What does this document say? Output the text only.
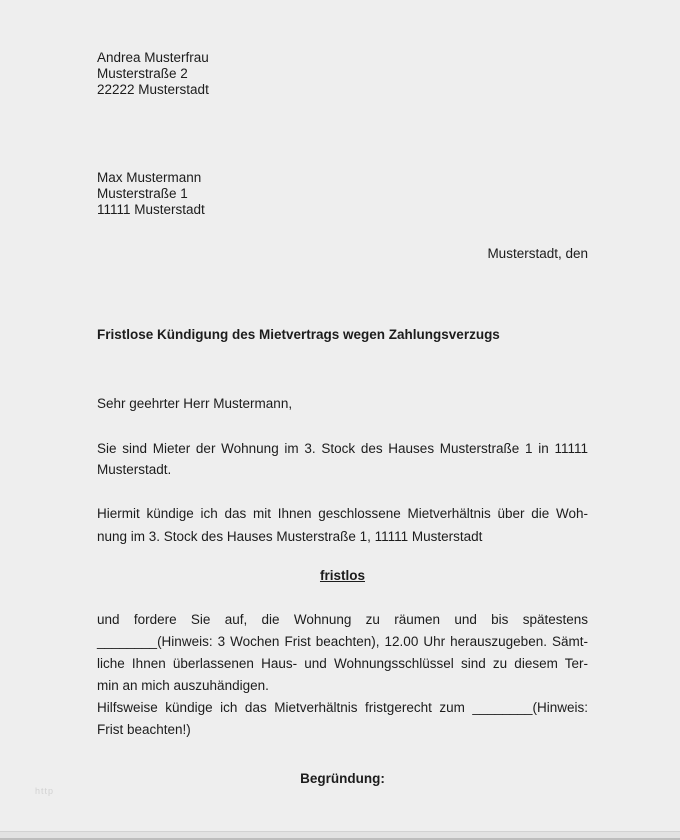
Andrea Musterfrau
Musterstraße 2
22222 Musterstadt
Max Mustermann
Musterstraße 1
11111 Musterstadt
Musterstadt, den
Fristlose Kündigung des Mietvertrags wegen Zahlungsverzugs
Sehr geehrter Herr Mustermann,
Sie sind Mieter der Wohnung im 3. Stock des Hauses Musterstraße 1 in 11111
Musterstadt.
Hiermit kündige ich das mit Ihnen geschlossene Mietverhältnis über die Woh-
nung im 3. Stock des Hauses Musterstraße 1, 11111 Musterstadt
fristlos
und fordere Sie auf, die Wohnung zu räumen und bis spätestens
________(Hinweis: 3 Wochen Frist beachten), 12.00 Uhr herauszugeben. Sämt-
liche Ihnen überlassenen Haus- und Wohnungsschlüssel sind zu diesem Ter-
min an mich auszuhändigen.
Hilfsweise kündige ich das Mietverhältnis fristgerecht zum ________(Hinweis:
Frist beachten!)
Begründung:
http
